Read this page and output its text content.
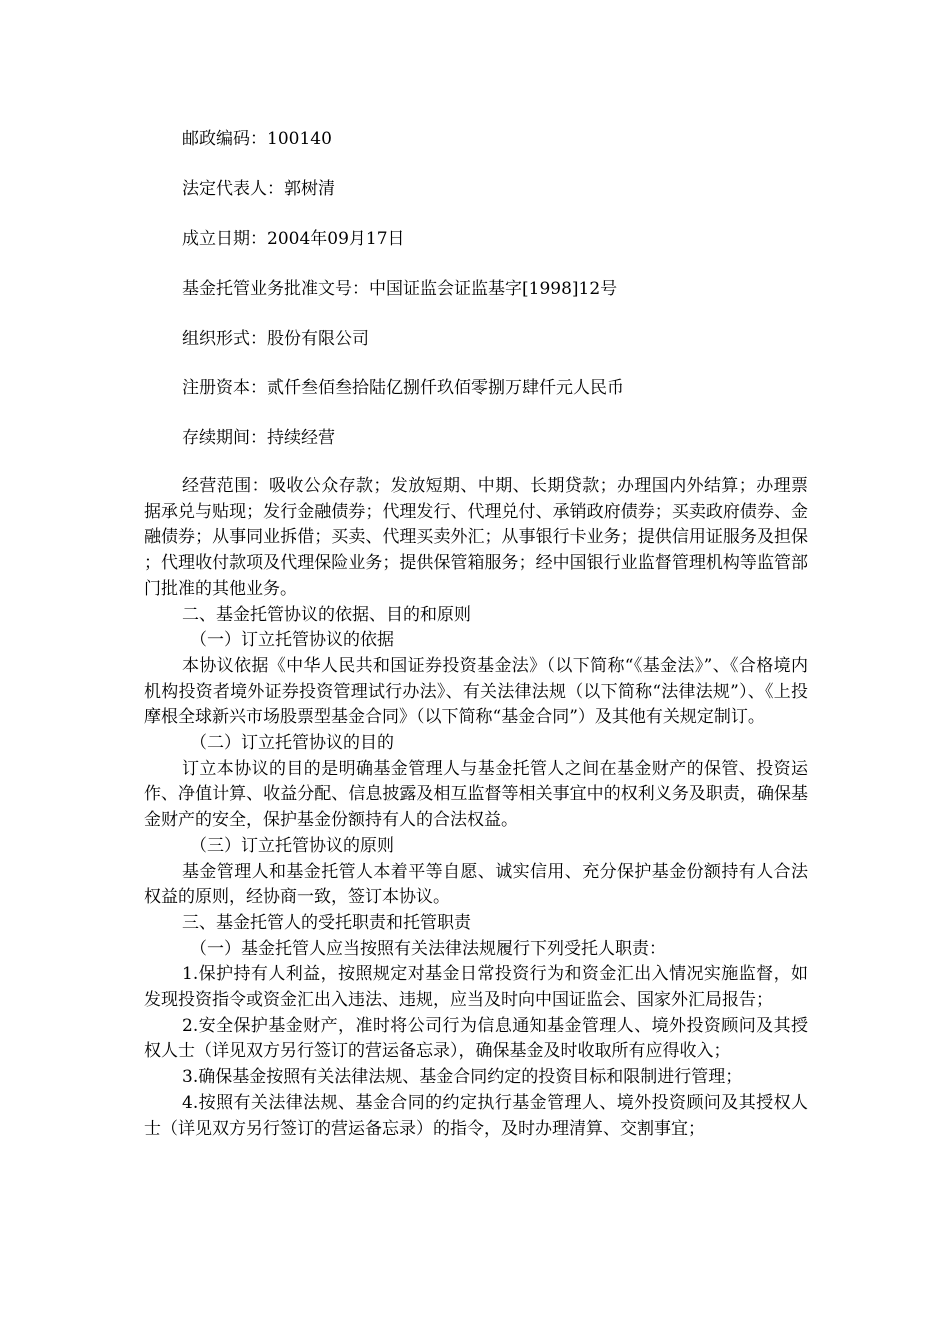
邮政编码：100140
法定代表人：郭树清
成立日期：2004年09月17日
基金托管业务批准文号：中国证监会证监基字[1998]12号
组织形式：股份有限公司
注册资本：贰仟叁佰叁拾陆亿捌仟玖佰零捌万肆仟元人民币
存续期间：持续经营

经营范围：吸收公众存款；发放短期、中期、长期贷款；办理国内外结算；办理票据承兑与贴现；发行金融债券；代理发行、代理兑付、承销政府债券；买卖政府债券、金融债券；从事同业拆借；买卖、代理买卖外汇；从事银行卡业务；提供信用证服务及担保；代理收付款项及代理保险业务；提供保管箱服务；经中国银行业监督管理机构等监管部门批准的其他业务。

二、基金托管协议的依据、目的和原则

（一）订立托管协议的依据

本协议依据《中华人民共和国证券投资基金法》（以下简称“《基金法》”、《合格境内机构投资者境外证券投资管理试行办法》、有关法律法规（以下简称“法律法规”）、《上投摩根全球新兴市场股票型基金合同》（以下简称“基金合同”）及其他有关规定制订。

（二）订立托管协议的目的

订立本协议的目的是明确基金管理人与基金托管人之间在基金财产的保管、投资运作、净值计算、收益分配、信息披露及相互监督等相关事宜中的权利义务及职责，确保基金财产的安全，保护基金份额持有人的合法权益。

（三）订立托管协议的原则

基金管理人和基金托管人本着平等自愿、诚实信用、充分保护基金份额持有人合法权益的原则，经协商一致，签订本协议。

三、基金托管人的受托职责和托管职责

（一）基金托管人应当按照有关法律法规履行下列受托人职责：

1.保护持有人利益，按照规定对基金日常投资行为和资金汇出入情况实施监督，如发现投资指令或资金汇出入违法、违规，应当及时向中国证监会、国家外汇局报告；

2.安全保护基金财产，准时将公司行为信息通知基金管理人、境外投资顾问及其授权人士（详见双方另行签订的营运备忘录），确保基金及时收取所有应得收入；

3.确保基金按照有关法律法规、基金合同约定的投资目标和限制进行管理；

4.按照有关法律法规、基金合同的约定执行基金管理人、境外投资顾问及其授权人士（详见双方另行签订的营运备忘录）的指令，及时办理清算、交割事宜；
